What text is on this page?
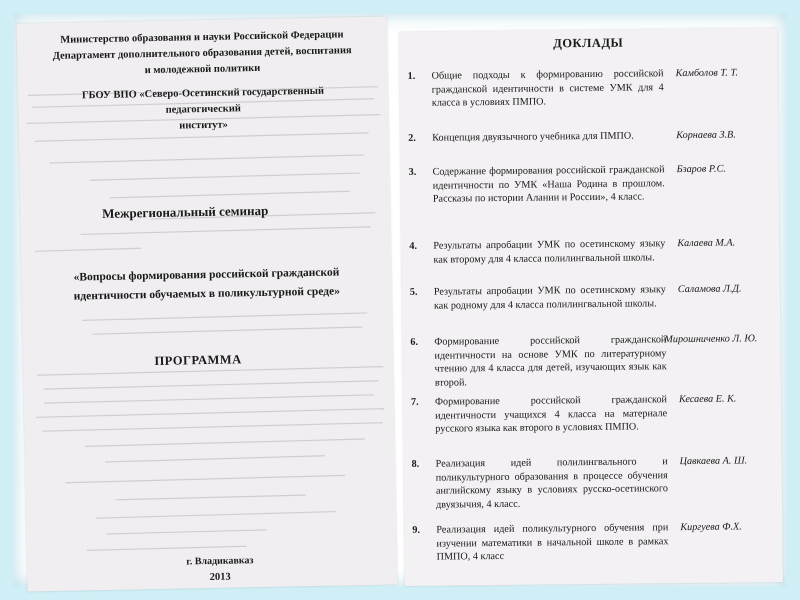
Министерство образования и науки Российской Федерации
Департамент дополнительного образования детей, воспитания
и молодежной политики
ГБОУ ВПО «Северо-Осетинский государственный педагогический
институт»
Межрегиональный семинар
«Вопросы формирования российской гражданской
идентичности обучаемых в поликультурной среде»
ПРОГРАММА
г. Владикавказ
2013
ДОКЛАДЫ
1. Общие подходы к формированию российской гражданской идентичности в системе УМК для 4 класса в условиях ПМПО.
Камболов Т. Т.
2. Концепция двуязычного учебника для ПМПО.	Корнаева З.В.
3. Содержание формирования российской гражданской идентичности по УМК «Наша Родина в прошлом. Рассказы по истории Алании и России», 4 класс.
Бзаров Р.С.
4. Результаты апробации УМК по осетинскому языку как второму для 4 класса полилингвальной школы.
Калаева М.А.
5. Результаты апробации УМК по осетинскому языку как родному для 4 класса полилингвальной школы.
Саламова Л.Д.
6. Формирование российской гражданской идентичности на основе УМК по литературному чтению для 4 класса для детей, изучающих язык как второй.
Мирошниченко Л. Ю.
7. Формирование российской гражданской идентичности учащихся 4 класса на материале русского языка как второго в условиях ПМПО.
Кесаева Е. К.
8. Реализация идей полилингвального и поликультурного образования в процессе обучения английскому языку в условиях русско-осетинского двуязычия, 4 класс.
Цавкаева А. Ш.
9. Реализация идей поликультурного обучения при изучении математики в начальной школе в рамках ПМПО, 4 класс
Киргуева Ф.Х.
